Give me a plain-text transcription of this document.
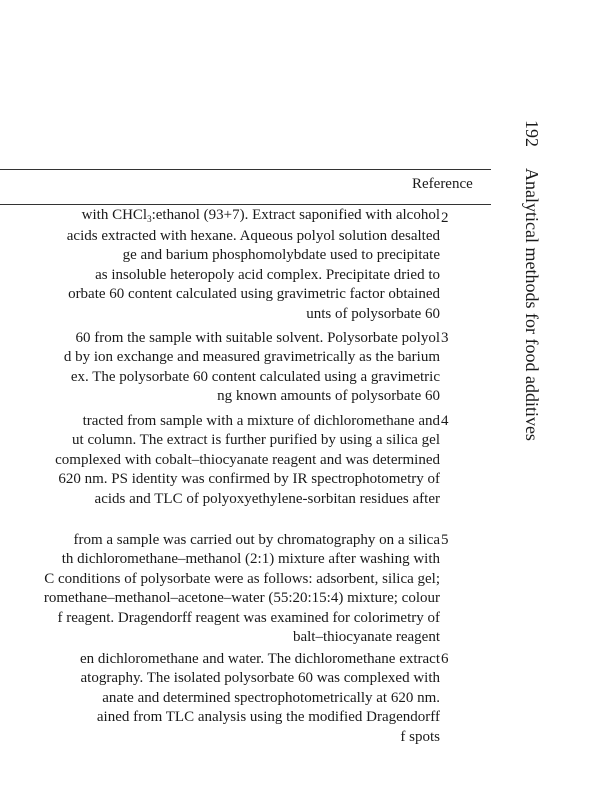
Reference
with CHCl$_3$:ethanol (93+7). Extract saponified with alcohol
acids extracted with hexane. Aqueous polyol solution desalted
ge and barium phosphomolybdate used to precipitate
as insoluble heteropoly acid complex. Precipitate dried to
orbate 60 content calculated using gravimetric factor obtained
unts of polysorbate 60
2
60 from the sample with suitable solvent. Polysorbate polyol
d by ion exchange and measured gravimetrically as the barium
ex. The polysorbate 60 content calculated using a gravimetric
ng known amounts of polysorbate 60
3
tracted from sample with a mixture of dichloromethane and
ut column. The extract is further purified by using a silica gel
complexed with cobalt–thiocyanate reagent and was determined
620 nm. PS identity was confirmed by IR spectrophotometry of
acids and TLC of polyoxyethylene-sorbitan residues after
4
from a sample was carried out by chromatography on a silica
th dichloromethane–methanol (2:1) mixture after washing with
C conditions of polysorbate were as follows: adsorbent, silica gel;
romethane–methanol–acetone–water (55:20:15:4) mixture; colour
f reagent. Dragendorff reagent was examined for colorimetry of
balt–thiocyanate reagent
5
en dichloromethane and water. The dichloromethane extract
atography. The isolated polysorbate 60 was complexed with
anate and determined spectrophotometrically at 620 nm.
ained from TLC analysis using the modified Dragendorff
f spots
6
192
Analytical methods for food additives
